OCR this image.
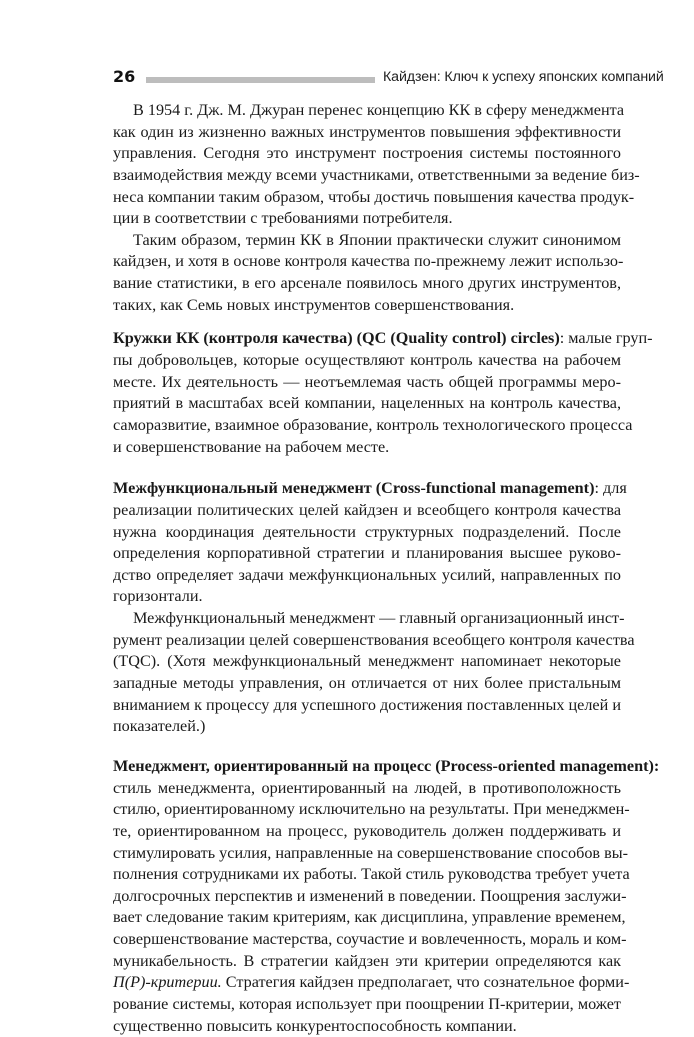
26	Кайдзен: Ключ к успеху японских компаний

В 1954 г. Дж. М. Джуран перенес концепцию КК в сферу менеджмента
как один из жизненно важных инструментов повышения эффективности
управления. Сегодня это инструмент построения системы постоянного
взаимодействия между всеми участниками, ответственными за ведение биз-
неса компании таким образом, чтобы достичь повышения качества продук-
ции в соответствии с требованиями потребителя.

Таким образом, термин КК в Японии практически служит синонимом
кайдзен, и хотя в основе контроля качества по-прежнему лежит использо-
вание статистики, в его арсенале появилось много других инструментов,
таких, как Семь новых инструментов совершенствования.

Кружки КК (контроля качества) (QC (Quality control) circles): малые груп-
пы добровольцев, которые осуществляют контроль качества на рабочем
месте. Их деятельность — неотъемлемая часть общей программы меро-
приятий в масштабах всей компании, нацеленных на контроль качества,
саморазвитие, взаимное образование, контроль технологического процесса
и совершенствование на рабочем месте.
Межфункциональный менеджмент (Cross-functional management): для
реализации политических целей кайдзен и всеобщего контроля качества
нужна координация деятельности структурных подразделений. После
определения корпоративной стратегии и планирования высшее руково-
дство определяет задачи межфункциональных усилий, направленных по
горизонтали.
Межфункциональный менеджмент — главный организационный инст-
румент реализации целей совершенствования всеобщего контроля качества
(TQC). (Хотя межфункциональный менеджмент напоминает некоторые
западные методы управления, он отличается от них более пристальным
вниманием к процессу для успешного достижения поставленных целей и
показателей.)
Менеджмент, ориентированный на процесс (Process-oriented management):
стиль менеджмента, ориентированный на людей, в противоположность
стилю, ориентированному исключительно на результаты. При менеджмен-
те, ориентированном на процесс, руководитель должен поддерживать и
стимулировать усилия, направленные на совершенствование способов вы-
полнения сотрудниками их работы. Такой стиль руководства требует учета
долгосрочных перспектив и изменений в поведении. Поощрения заслужи-
вает следование таким критериям, как дисциплина, управление временем,
совершенствование мастерства, соучастие и вовлеченность, мораль и ком-
муникабельность. В стратегии кайдзен эти критерии определяются как
П(Р)-критерии. Стратегия кайдзен предполагает, что сознательное форми-
рование системы, которая использует при поощрении П-критерии, может
существенно повысить конкурентоспособность компании.
